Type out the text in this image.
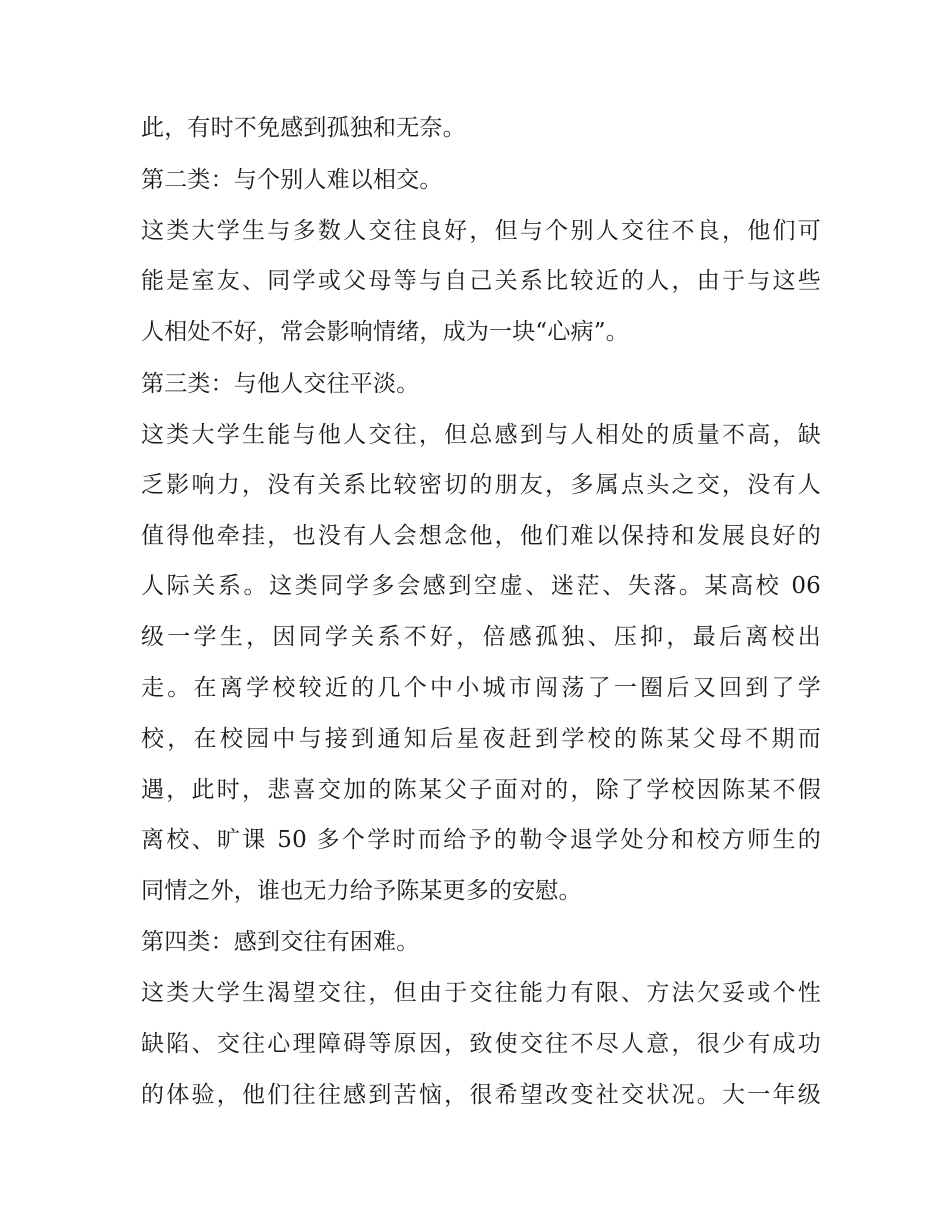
此，有时不免感到孤独和无奈。
第二类：与个别人难以相交。
这类大学生与多数人交往良好，但与个别人交往不良，他们可
能是室友、同学或父母等与自己关系比较近的人，由于与这些
人相处不好，常会影响情绪，成为一块“心病”。
第三类：与他人交往平淡。
这类大学生能与他人交往，但总感到与人相处的质量不高，缺
乏影响力，没有关系比较密切的朋友，多属点头之交，没有人
值得他牵挂，也没有人会想念他，他们难以保持和发展良好的
人际关系。这类同学多会感到空虚、迷茫、失落。某高校 06
级一学生，因同学关系不好，倍感孤独、压抑，最后离校出
走。在离学校较近的几个中小城市闯荡了一圈后又回到了学
校，在校园中与接到通知后星夜赶到学校的陈某父母不期而
遇，此时，悲喜交加的陈某父子面对的，除了学校因陈某不假
离校、旷课 50 多个学时而给予的勒令退学处分和校方师生的
同情之外，谁也无力给予陈某更多的安慰。
第四类：感到交往有困难。
这类大学生渴望交往，但由于交往能力有限、方法欠妥或个性
缺陷、交往心理障碍等原因，致使交往不尽人意，很少有成功
的体验，他们往往感到苦恼，很希望改变社交状况。大一年级
